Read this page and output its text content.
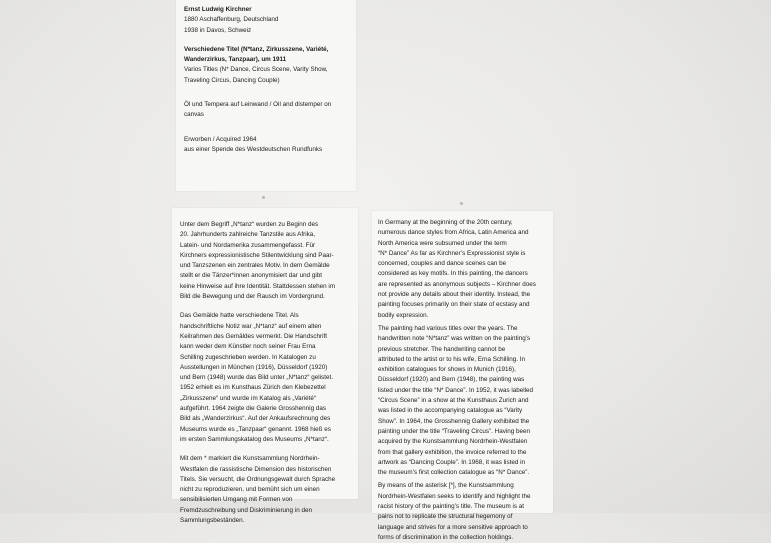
Ernst Ludwig Kirchner

1880 Aschaffenburg, Deutschland

1938 in Davos, Schweiz

Verschiedene Titel (N*tanz, Zirkusszene, Variété,

Wanderzirkus, Tanzpaar), um 1911

Varios Titles (N* Dance, Circus Scene, Varity Show,

Traveling Circus, Dancing Couple)

Öl und Tempera auf Leinwand / Oil and distemper on

canvas

Erworben / Acquired 1964

aus einer Spende des Westdeutschen Rundfunks

Unter dem Begriff „N*tanz“ wurden zu Beginn des

20. Jahrhunderts zahlreiche Tanzstile aus Afrika,

Latein- und Nordamerika zusammengefasst. Für

Kirchners expressionistische Stilentwicklung sind Paar-

und Tanzszenen ein zentrales Motiv. In dem Gemälde

stellt er die Tänzer*innen anonymisiert dar und gibt

keine Hinweise auf ihre Identität. Stattdessen stehen im

Bild die Bewegung und der Rausch im Vordergrund.

Das Gemälde hatte verschiedene Titel. Als

handschriftliche Notiz war „N*tanz“ auf einem alten

Keilrahmen des Gemäldes vermerkt. Die Handschrift

kann weder dem Künstler noch seiner Frau Erna

Schilling zugeschrieben werden. In Katalogen zu

Ausstellungen in München (1916), Düsseldorf (1920)

und Bern (1948) wurde das Bild unter „N*tanz“ gelistet.

1952 erhielt es im Kunsthaus Zürich den Klebezettel

„Zirkusszene“ und wurde im Katalog als „Variété“

aufgeführt. 1964 zeigte die Galerie Grosshennig das

Bild als „Wanderzirkus“. Auf der Ankaufsrechnung des

Museums wurde es „Tanzpaar“ genannt. 1968 hieß es

im ersten Sammlungskatalog des Museums „N*tanz“.

Mit dem * markiert die Kunstsammlung Nordrhein-

Westfalen die rassistische Dimension des historischen

Titels. Sie versucht, die Ordnungsgewalt durch Sprache

nicht zu reproduzieren, und bemüht sich um einen

sensibilisierten Umgang mit Formen von

Fremdzuschreibung und Diskriminierung in den

Sammlungsbeständen.

In Germany at the beginning of the 20th century,

numerous dance styles from Africa, Latin America and

North America were subsumed under the term

“N* Dance” As far as Kirchner’s Expressionist style is

concerned, couples and dance scenes can be

considered as key motifs. In this painting, the dancers

are represented as anonymous subjects – Kirchner does

not provide any details about their identity. Instead, the

painting focuses primarily on their state of ecstasy and

bodily expression.

The painting had various titles over the years. The

handwritten note “N*tanz” was written on the painting’s

previous stretcher. The handwriting cannot be

attributed to the artist or to his wife, Erna Schilling. In

exhibition catalogues for shows in Munich (1916),

Düsseldorf (1920) and Bern (1948), the painting was

listed under the title “N* Dance”. In 1952, it was labelled

“Circus Scene” in a show at the Kunsthaus Zurich and

was listed in the accompanying catalogue as “Varity

Show”. In 1964, the Grosshennig Gallery exhibited the

painting under the title “Traveling Circus”. Having been

acquired by the Kunstsammlung Nordrhein-Westfalen

from that gallery exhibition, the invoice referred to the

artwork as “Dancing Couple”. In 1968, it was listed in

the museum’s first collection catalogue as “N* Dance”.

By means of the asterisk [*], the Kunstsammlung

Nordrhein-Westfalen seeks to identify and highlight the

racist history of the painting’s title. The museum is at

pains not to replicate the structural hegemony of

language and strives for a more sensitive approach to

forms of discrimination in the collection holdings.
